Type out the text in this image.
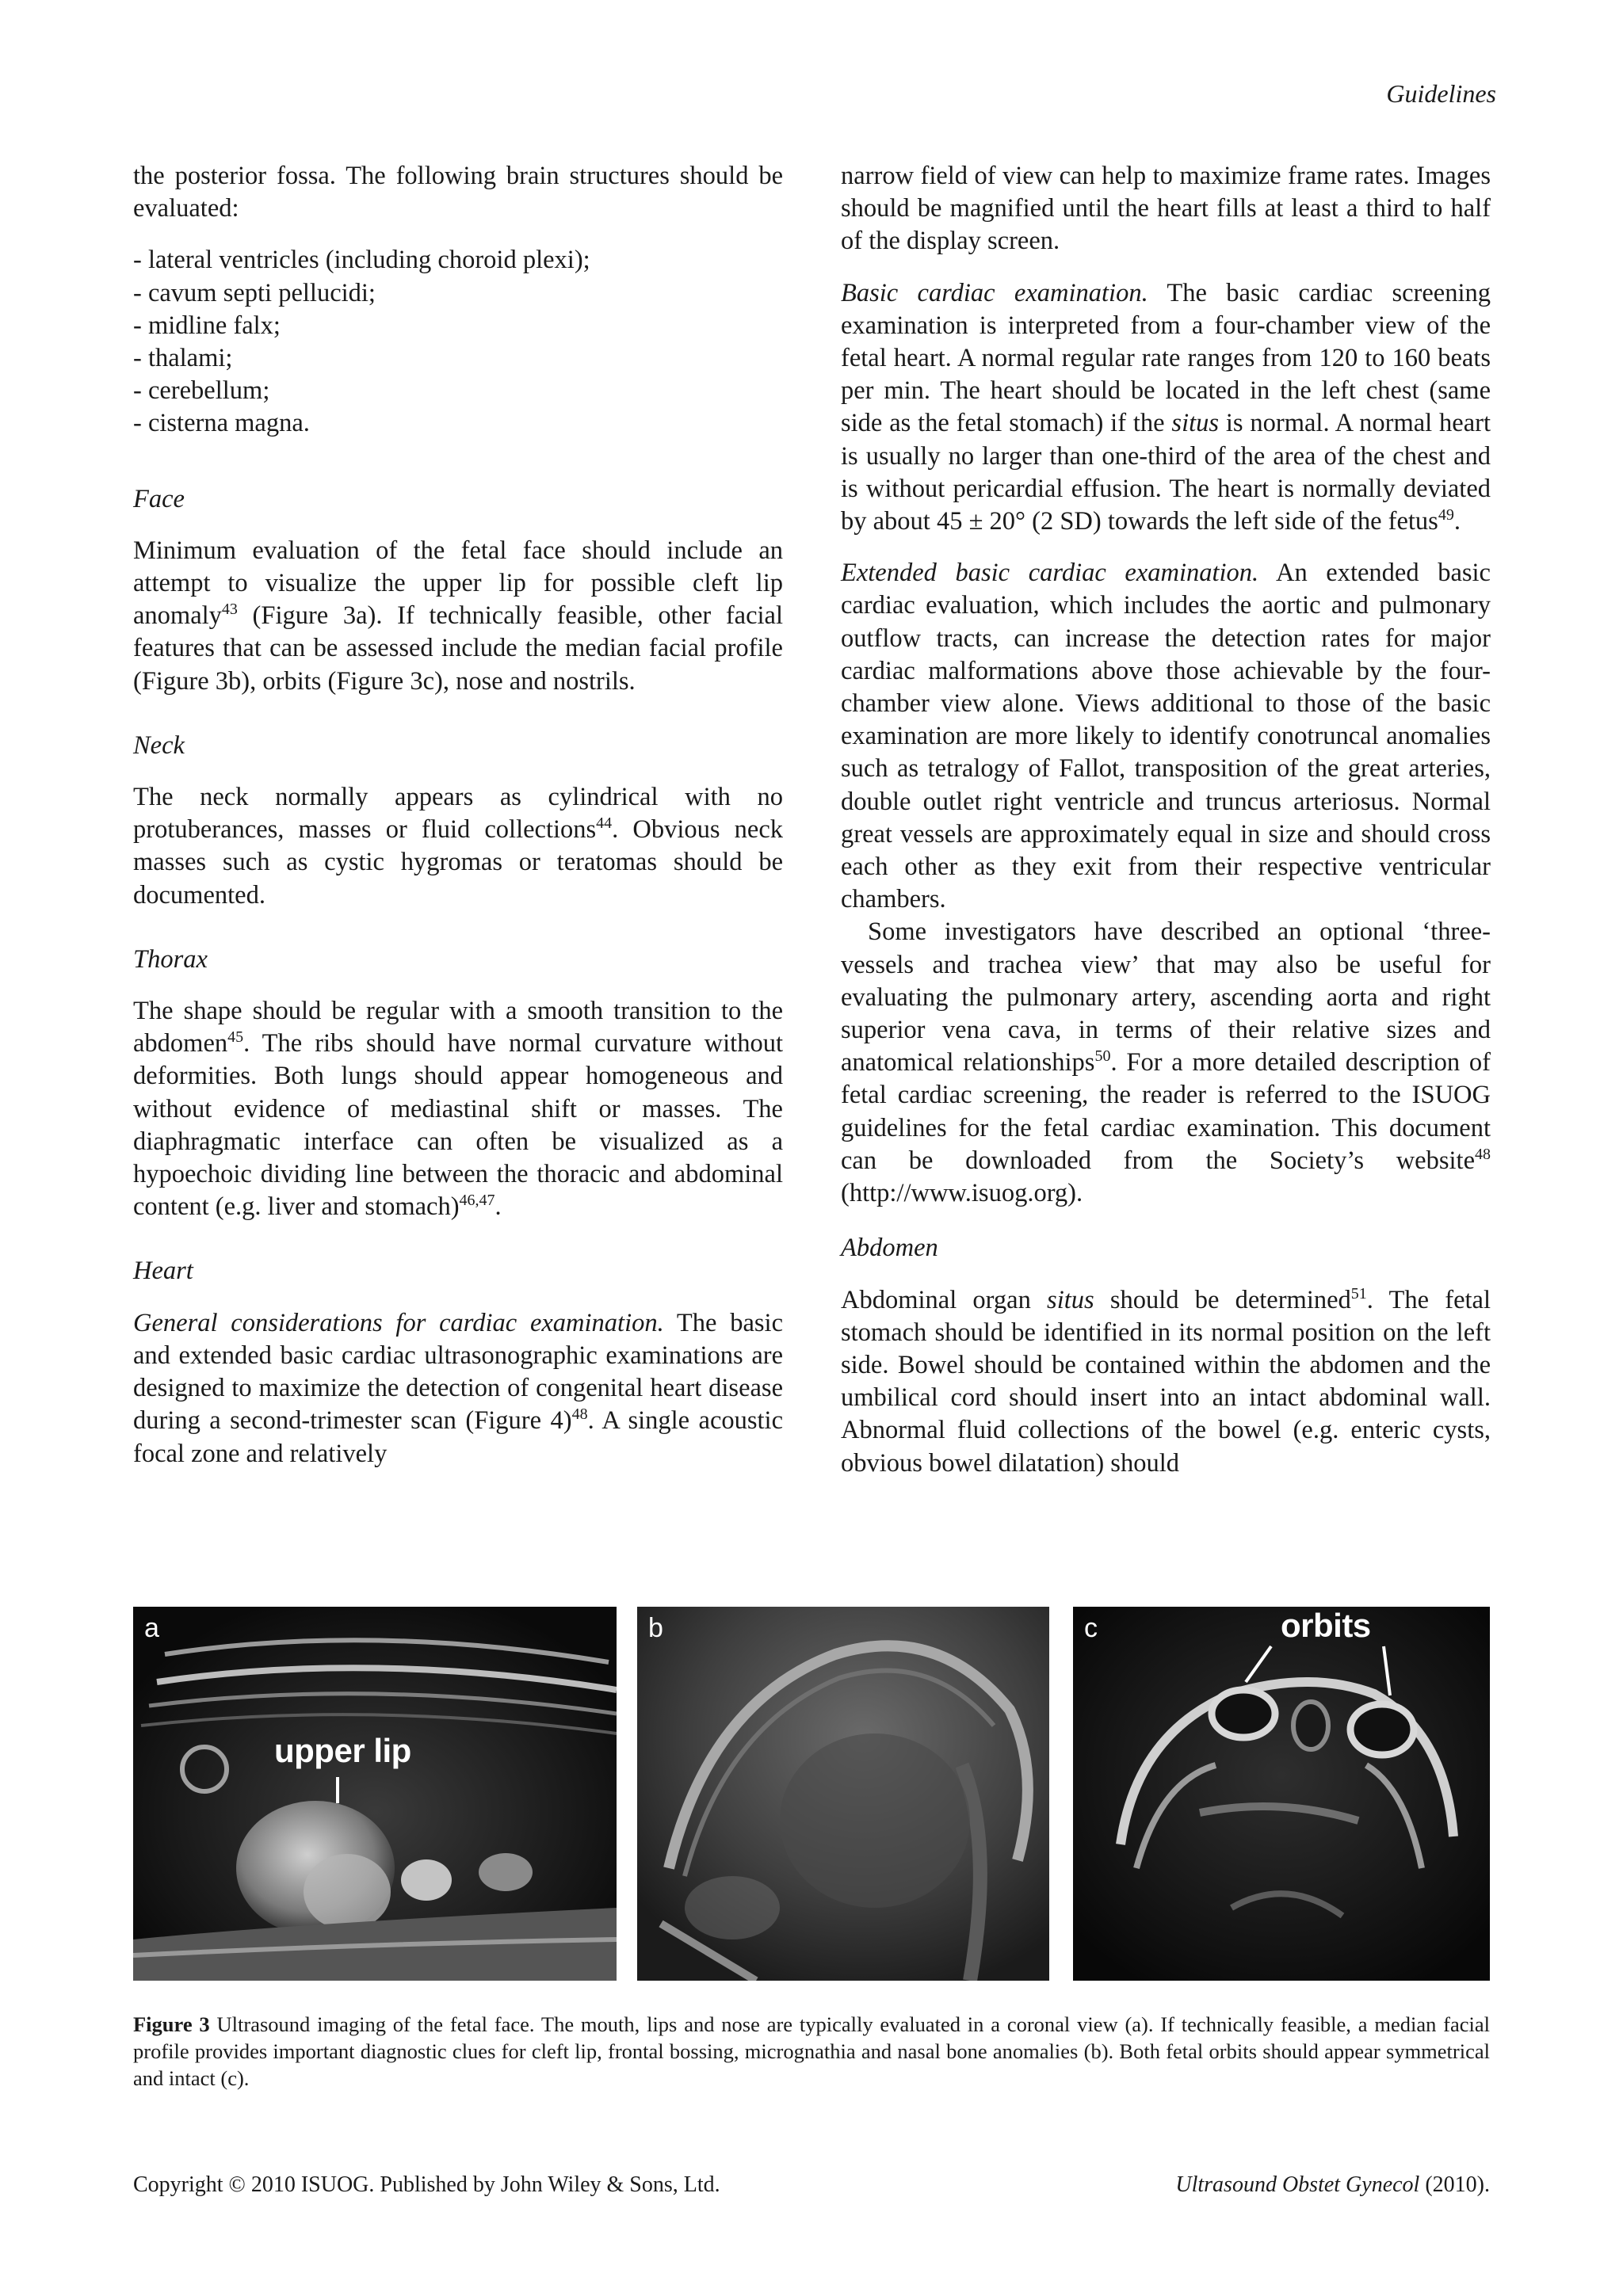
Guidelines

the posterior fossa. The following brain structures should be evaluated:

- lateral ventricles (including choroid plexi);
- cavum septi pellucidi;
- midline falx;
- thalami;
- cerebellum;
- cisterna magna.
Face

Minimum evaluation of the fetal face should include an attempt to visualize the upper lip for possible cleft lip anomaly$^{43}$ (Figure 3a). If technically feasible, other facial features that can be assessed include the median facial profile (Figure 3b), orbits (Figure 3c), nose and nostrils.

Neck

The neck normally appears as cylindrical with no protuberances, masses or fluid collections$^{44}$. Obvious neck masses such as cystic hygromas or teratomas should be documented.

Thorax

The shape should be regular with a smooth transition to the abdomen$^{45}$. The ribs should have normal curvature without deformities. Both lungs should appear homogeneous and without evidence of mediastinal shift or masses. The diaphragmatic interface can often be visualized as a hypoechoic dividing line between the thoracic and abdominal content (e.g. liver and stomach)$^{46,47}$.

Heart

General considerations for cardiac examination. The basic and extended basic cardiac ultrasonographic examinations are designed to maximize the detection of congenital heart disease during a second-trimester scan (Figure 4)$^{48}$. A single acoustic focal zone and relatively

narrow field of view can help to maximize frame rates. Images should be magnified until the heart fills at least a third to half of the display screen.

Basic cardiac examination. The basic cardiac screening examination is interpreted from a four-chamber view of the fetal heart. A normal regular rate ranges from 120 to 160 beats per min. The heart should be located in the left chest (same side as the fetal stomach) if the situs is normal. A normal heart is usually no larger than one-third of the area of the chest and is without pericardial effusion. The heart is normally deviated by about 45 ± 20° (2 SD) towards the left side of the fetus$^{49}$.

Extended basic cardiac examination. An extended basic cardiac evaluation, which includes the aortic and pulmonary outflow tracts, can increase the detection rates for major cardiac malformations above those achievable by the four-chamber view alone. Views additional to those of the basic examination are more likely to identify conotruncal anomalies such as tetralogy of Fallot, transposition of the great arteries, double outlet right ventricle and truncus arteriosus. Normal great vessels are approximately equal in size and should cross each other as they exit from their respective ventricular chambers.

Some investigators have described an optional ‘three-vessels and trachea view’ that may also be useful for evaluating the pulmonary artery, ascending aorta and right superior vena cava, in terms of their relative sizes and anatomical relationships$^{50}$. For a more detailed description of fetal cardiac screening, the reader is referred to the ISUOG guidelines for the fetal cardiac examination. This document can be downloaded from the Society’s website$^{48}$ (http://www.isuog.org).

Abdomen

Abdominal organ situs should be determined$^{51}$. The fetal stomach should be identified in its normal position on the left side. Bowel should be contained within the abdomen and the umbilical cord should insert into an intact abdominal wall. Abnormal fluid collections of the bowel (e.g. enteric cysts, obvious bowel dilatation) should

a
upper lip
b	c	orbits
Figure 3 Ultrasound imaging of the fetal face. The mouth, lips and nose are typically evaluated in a coronal view (a). If technically feasible, a median facial profile provides important diagnostic clues for cleft lip, frontal bossing, micrognathia and nasal bone anomalies (b). Both fetal orbits should appear symmetrical and intact (c).
Copyright © 2010 ISUOG. Published by John Wiley & Sons, Ltd.	Ultrasound Obstet Gynecol (2010).
